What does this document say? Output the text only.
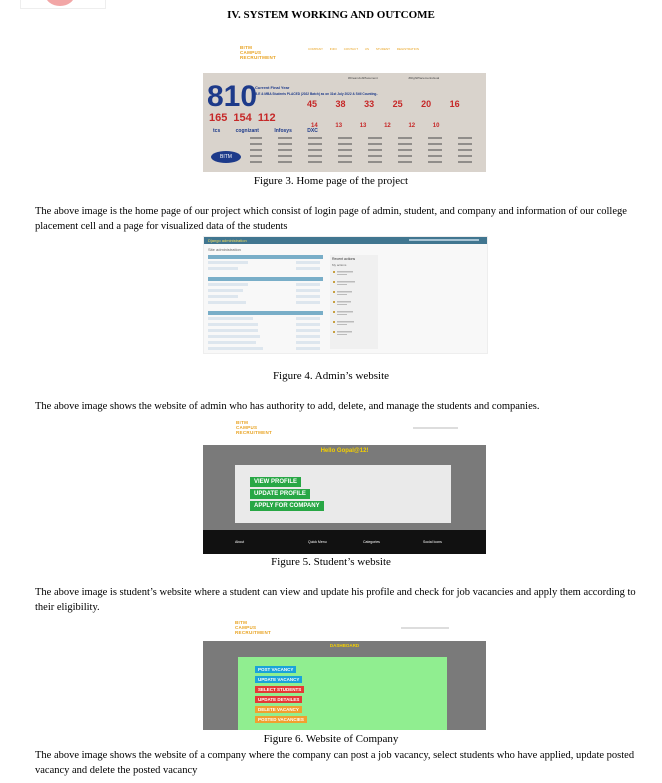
IV. SYSTEM WORKING AND OUTCOME
BITM
CAMPUS
RECRUITMENT
COMPANY INFO CONTACT US STUDENT REGISTRATION
#DreamJobPlacement	#RightPlacementsGoal
810
Current Final Year
B.E & MBA Students PLACED (2022 Batch) as on 31st July 2022 & Still Counting..
45 38 33 25 20 16
165 154 112
14	13	13	12	12	10
tcs	cognizant	Infosys	DXC
BITM
Figure 3. Home page of the project
The above image is the home page of our project which consist of login page of admin, student, and company and information of our college placement cell and a page for visualized data of the students
Django administration
Site administration
Recent actions
My actions
Figure 4. Admin’s website
The above image shows the website of admin who has authority to add, delete, and manage the students and companies.
BITM
CAMPUS
RECRUITMENT
Hello Gopal@12!
VIEW PROFILE
UPDATE PROFILE
APPLY FOR COMPANY
About	Quick Menu	Categories	Social Icons
Figure 5. Student’s website
The above image is student’s website where a student can view and update his profile and check for job vacancies and apply them according to their eligibility.
BITM
CAMPUS
RECRUITMENT
DASHBOARD
POST VACANCY
UPDATE VACANCY
SELECT STUDENTS
UPDATE DETAILES
DELETE VACANCY
POSTED VACANCIES
Figure 6. Website of Company
The above image shows the website of a company where the company can post a job vacancy, select students who have applied, update posted vacancy and delete the posted vacancy
